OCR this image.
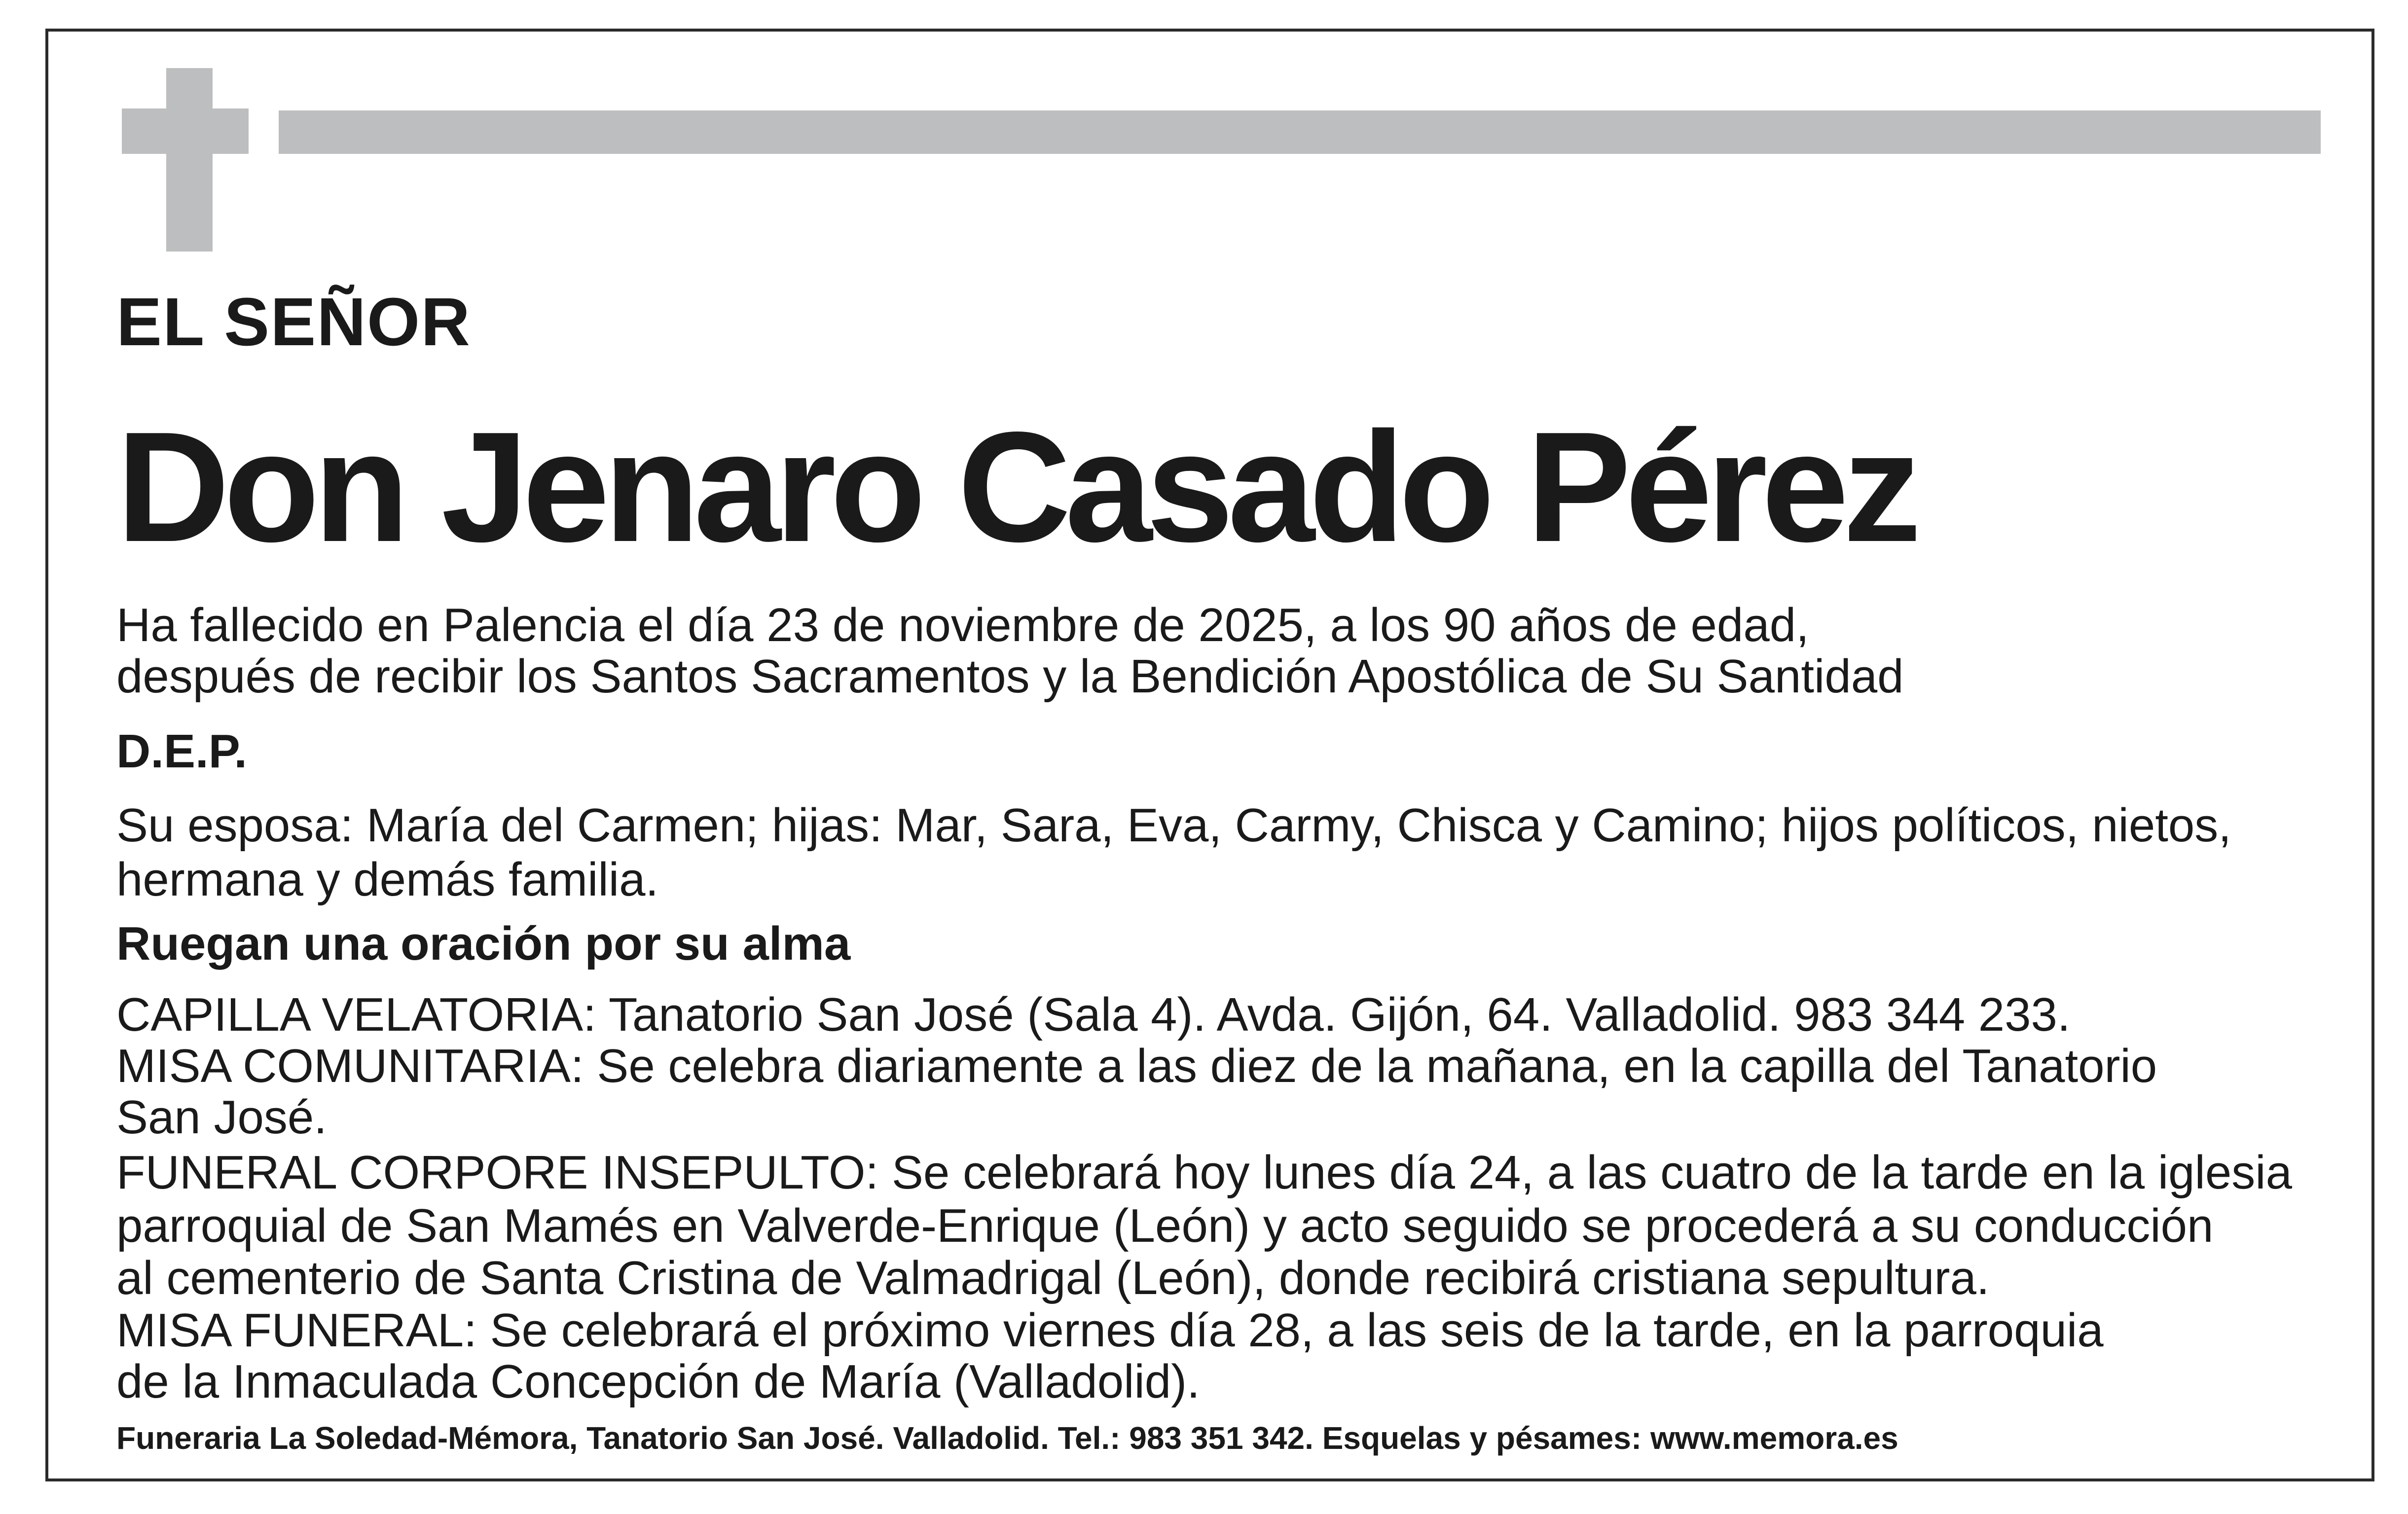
EL SEÑOR

Don Jenaro Casado Pérez

Ha fallecido en Palencia el día 23 de noviembre de 2025, a los 90 años de edad,

después de recibir los Santos Sacramentos y la Bendición Apostólica de Su Santidad

D.E.P.

Su esposa: María del Carmen; hijas: Mar, Sara, Eva, Carmy, Chisca y Camino; hijos políticos, nietos,

hermana y demás familia.

Ruegan una oración por su alma

CAPILLA VELATORIA: Tanatorio San José (Sala 4). Avda. Gijón, 64. Valladolid. 983 344 233.

MISA COMUNITARIA: Se celebra diariamente a las diez de la mañana, en la capilla del Tanatorio

San José.

FUNERAL CORPORE INSEPULTO: Se celebrará hoy lunes día 24, a las cuatro de la tarde en la iglesia

parroquial de San Mamés en Valverde-Enrique (León) y acto seguido se procederá a su conducción

al cementerio de Santa Cristina de Valmadrigal (León), donde recibirá cristiana sepultura.

MISA FUNERAL: Se celebrará el próximo viernes día 28, a las seis de la tarde, en la parroquia

de la Inmaculada Concepción de María (Valladolid).

Funeraria La Soledad-Mémora, Tanatorio San José. Valladolid. Tel.: 983 351 342. Esquelas y pésames: www.memora.es
